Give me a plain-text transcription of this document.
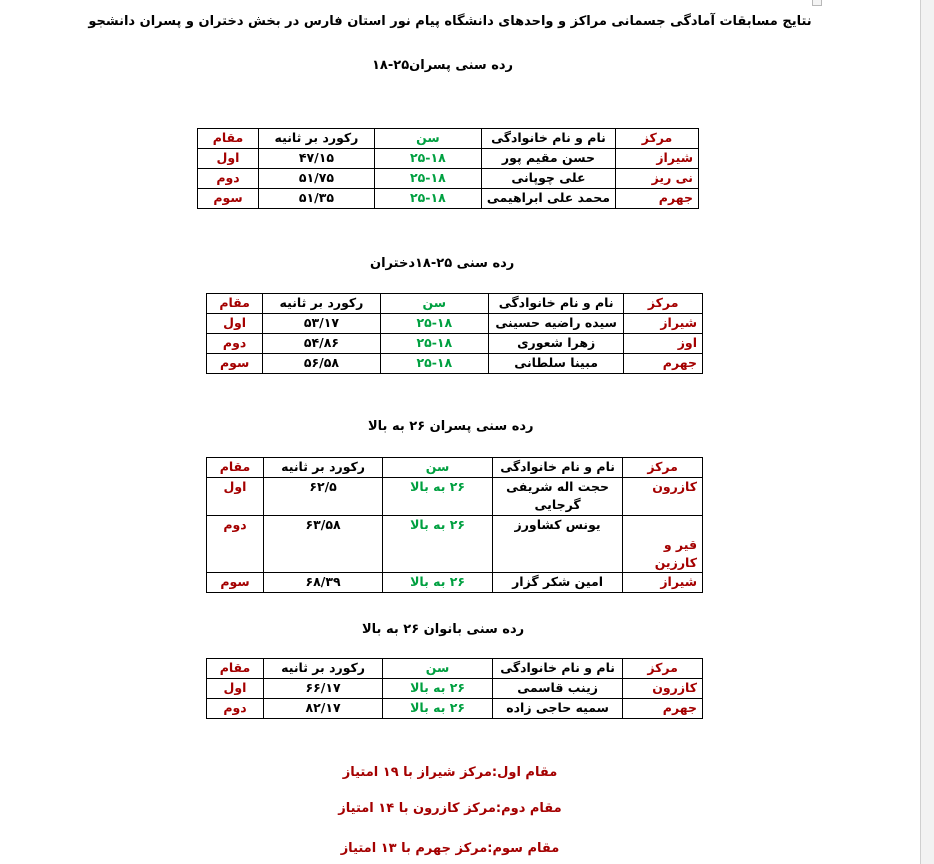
نتایج مسابقات آمادگی جسمانی مراکز و واحدهای دانشگاه پیام نور استان فارس در بخش دختران و پسران دانشجو
رده سنی پسران۲۵-۱۸
مرکز	نام و نام خانوادگی	سن	رکورد بر ثانیه	مقام
شیراز	حسن مقیم پور	۲۵-۱۸	۴۷/۱۵	اول
نی ریز	علی چوپانی	۲۵-۱۸	۵۱/۷۵	دوم
جهرم	محمد علی ابراهیمی	۲۵-۱۸	۵۱/۳۵	سوم
رده سنی ۲۵-۱۸دختران
مرکز	نام و نام خانوادگی	سن	رکورد بر ثانیه	مقام
شیراز	سیده راضیه حسینی	۲۵-۱۸	۵۳/۱۷	اول
اوز	زهرا شعوری	۲۵-۱۸	۵۴/۸۶	دوم
جهرم	مبینا سلطانی	۲۵-۱۸	۵۶/۵۸	سوم
رده سنی پسران ۲۶ به بالا
مرکز	نام و نام خانوادگی	سن	رکورد بر ثانیه	مقام
کازرون	حجت اله شریفی گرجایی	۲۶ به بالا	۶۲/۵	اول
قیر و کارزین	یونس کشاورز	۲۶ به بالا	۶۳/۵۸	دوم
شیراز	امین شکر گزار	۲۶ به بالا	۶۸/۳۹	سوم
رده سنی بانوان ۲۶ به بالا
مرکز	نام و نام خانوادگی	سن	رکورد بر ثانیه	مقام
کازرون	زینب قاسمی	۲۶ به بالا	۶۶/۱۷	اول
جهرم	سمیه حاجی زاده	۲۶ به بالا	۸۲/۱۷	دوم
مقام اول:مرکز شیراز با ۱۹ امتیاز
مقام دوم:مرکز کازرون با ۱۴ امتیاز
مقام سوم:مرکز جهرم با ۱۳ امتیاز
